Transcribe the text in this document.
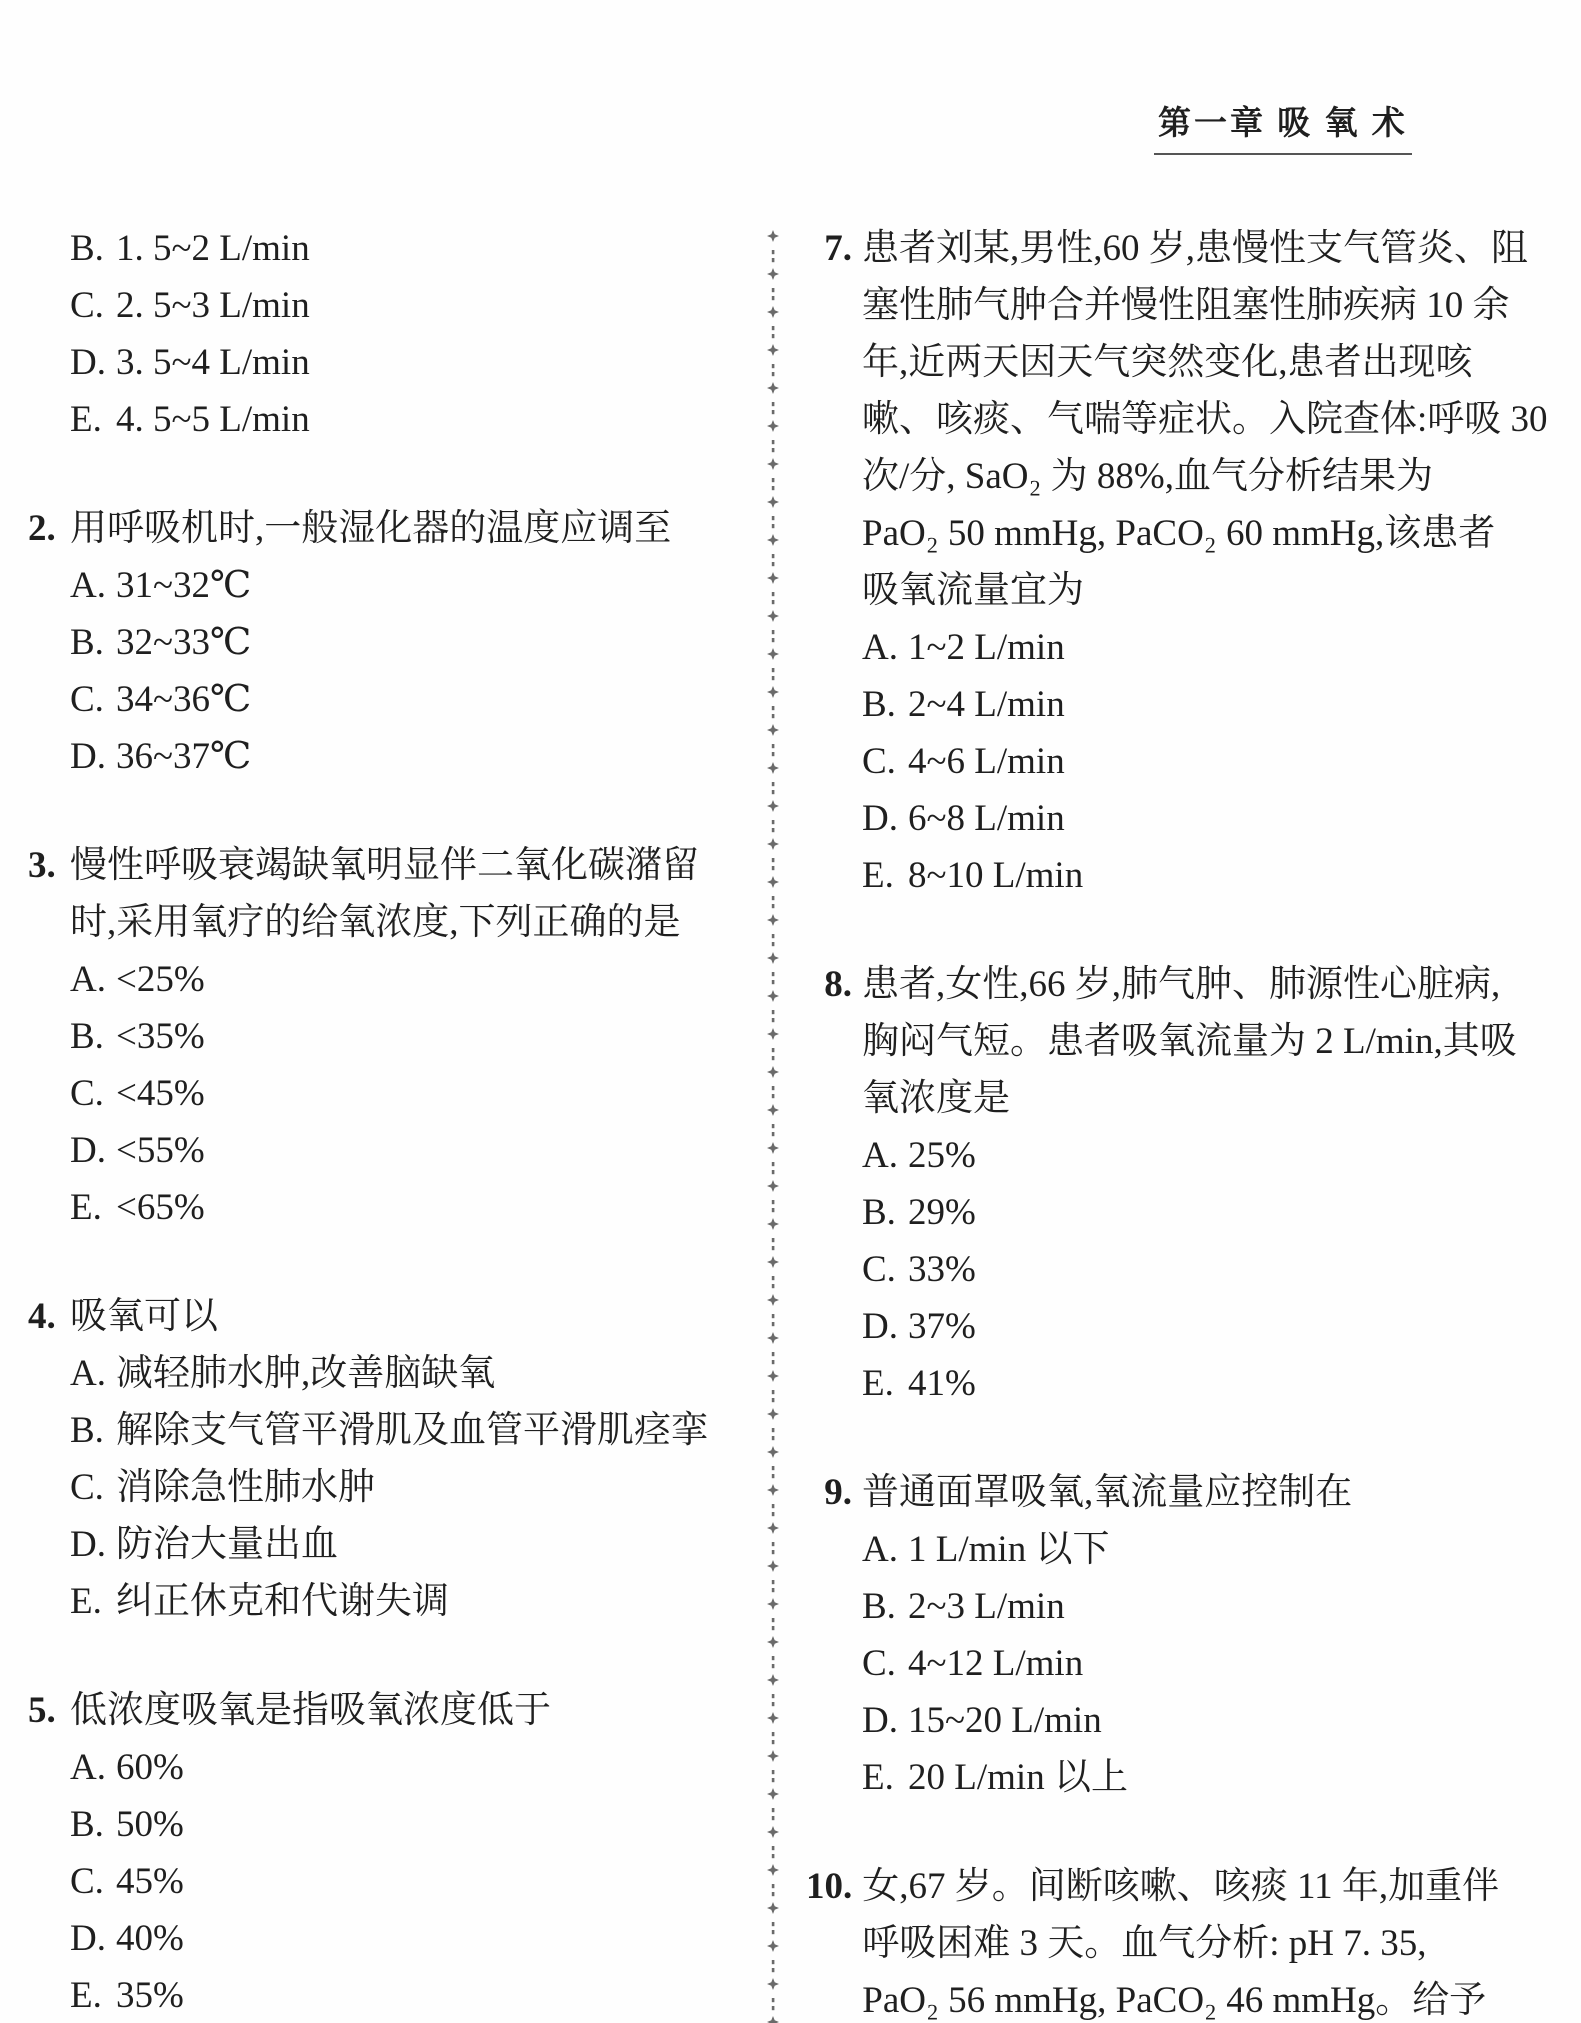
第一章 吸 氧 术
B. 1. 5~2 L/min
C. 2. 5~3 L/min
D. 3. 5~4 L/min
E. 4. 5~5 L/min
2. 用呼吸机时,一般湿化器的温度应调至
A. 31~32℃
B. 32~33℃
C. 34~36℃
D. 36~37℃
3. 慢性呼吸衰竭缺氧明显伴二氧化碳潴留
时,采用氧疗的给氧浓度,下列正确的是
A. <25%
B. <35%
C. <45%
D. <55%
E. <65%
4. 吸氧可以
A. 减轻肺水肿,改善脑缺氧
B. 解除支气管平滑肌及血管平滑肌痉挛
C. 消除急性肺水肿
D. 防治大量出血
E. 纠正休克和代谢失调
5. 低浓度吸氧是指吸氧浓度低于
A. 60%
B. 50%
C. 45%
D. 40%
E. 35%
7. 患者刘某,男性,60 岁,患慢性支气管炎、阻
塞性肺气肿合并慢性阻塞性肺疾病 10 余
年,近两天因天气突然变化,患者出现咳
嗽、咳痰、气喘等症状。入院查体:呼吸 30
次/分, SaO₂ 为 88%,血气分析结果为
PaO₂ 50 mmHg, PaCO₂ 60 mmHg,该患者
吸氧流量宜为
A. 1~2 L/min
B. 2~4 L/min
C. 4~6 L/min
D. 6~8 L/min
E. 8~10 L/min
8. 患者,女性,66 岁,肺气肿、肺源性心脏病,
胸闷气短。患者吸氧流量为 2 L/min,其吸
氧浓度是
A. 25%
B. 29%
C. 33%
D. 37%
E. 41%
9. 普通面罩吸氧,氧流量应控制在
A. 1 L/min 以下
B. 2~3 L/min
C. 4~12 L/min
D. 15~20 L/min
E. 20 L/min 以上
10. 女,67 岁。间断咳嗽、咳痰 11 年,加重伴
呼吸困难 3 天。血气分析: pH 7. 35,
PaO₂ 56 mmHg, PaCO₂ 46 mmHg。给予
